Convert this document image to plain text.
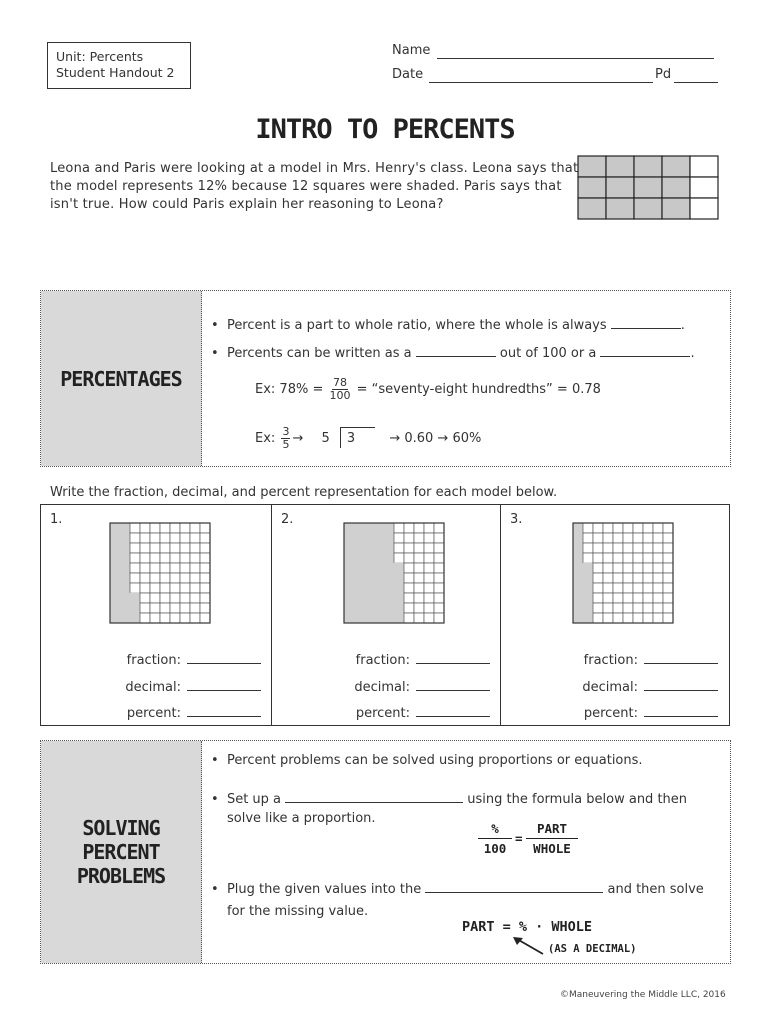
Unit: Percents
Student Handout 2
Name
Date	Pd
INTRO TO PERCENTS
Leona and Paris were looking at a model in Mrs. Henry's class. Leona says that the model represents 12% because 12 squares were shaded. Paris says that isn't true. How could Paris explain her reasoning to Leona?
PERCENTAGES
•  Percent is a part to whole ratio, where the whole is always	.
•  Percents can be written as a	out of 100 or a	.
Ex: $78\% = \frac{78}{100}$ = “seventy-eight hundredths” = 0.78
Ex: $\frac{3}{5} \to 5$ 3	→ 0.60 → 60%
Write the fraction, decimal, and percent representation for each model below.
1.
fraction:
decimal:
percent:
2.
fraction:
decimal:
percent:
3.
fraction:
decimal:
percent:
SOLVING
PERCENT
PROBLEMS
•  Percent problems can be solved using proportions or equations.
•  Set up a	using the formula below and then
solve like a proportion.
%
100
=
PART
WHOLE
•  Plug the given values into the	and then solve
for the missing value.
PART = % · WHOLE
(AS A DECIMAL)
©Maneuvering the Middle LLC, 2016
